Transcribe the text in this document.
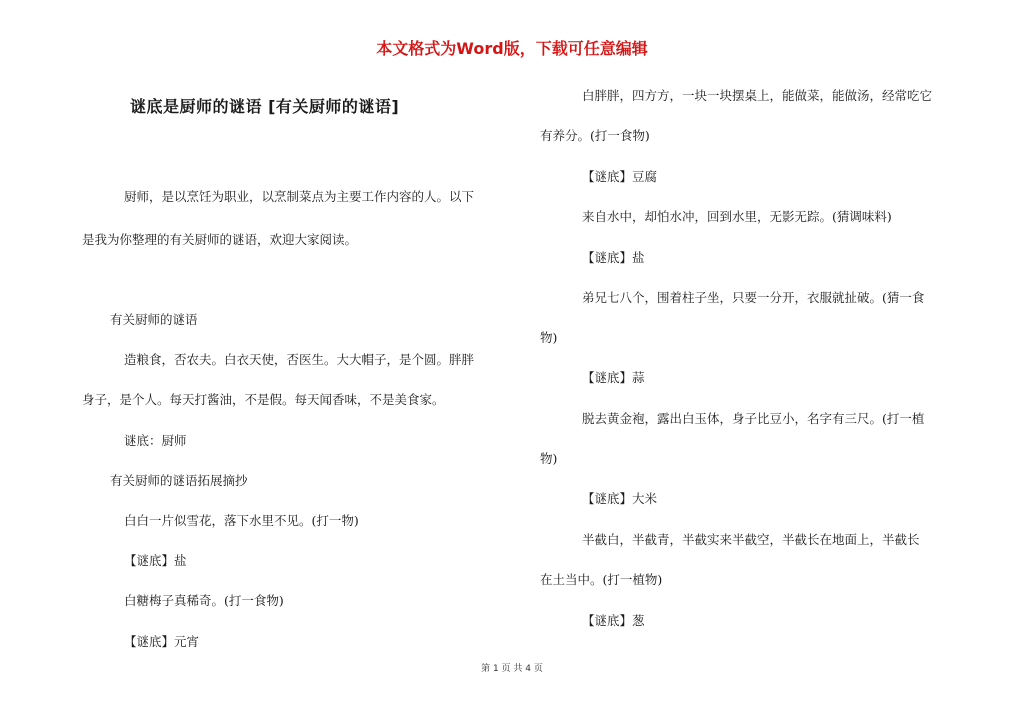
本文格式为Word版，下载可任意编辑
谜底是厨师的谜语 [有关厨师的谜语]
厨师，是以烹饪为职业，以烹制菜点为主要工作内容的人。以下
是我为你整理的有关厨师的谜语，欢迎大家阅读。
有关厨师的谜语
造粮食，否农夫。白衣天使，否医生。大大帽子，是个圆。胖胖
身子，是个人。每天打酱油，不是假。每天闻香味，不是美食家。
谜底：厨师
有关厨师的谜语拓展摘抄
白白一片似雪花，落下水里不见。(打一物)
【谜底】盐
白糖梅子真稀奇。(打一食物)
【谜底】元宵
白胖胖，四方方，一块一块摆桌上，能做菜，能做汤，经常吃它
有养分。(打一食物)
【谜底】豆腐
来自水中，却怕水冲，回到水里，无影无踪。(猜调味料)
【谜底】盐
弟兄七八个，围着柱子坐，只要一分开，衣服就扯破。(猜一食
物)
【谜底】蒜
脱去黄金袍，露出白玉体，身子比豆小，名字有三尺。(打一植
物)
【谜底】大米
半截白，半截青，半截实来半截空，半截长在地面上，半截长
在土当中。(打一植物)
【谜底】葱
第 1 页 共 4 页
